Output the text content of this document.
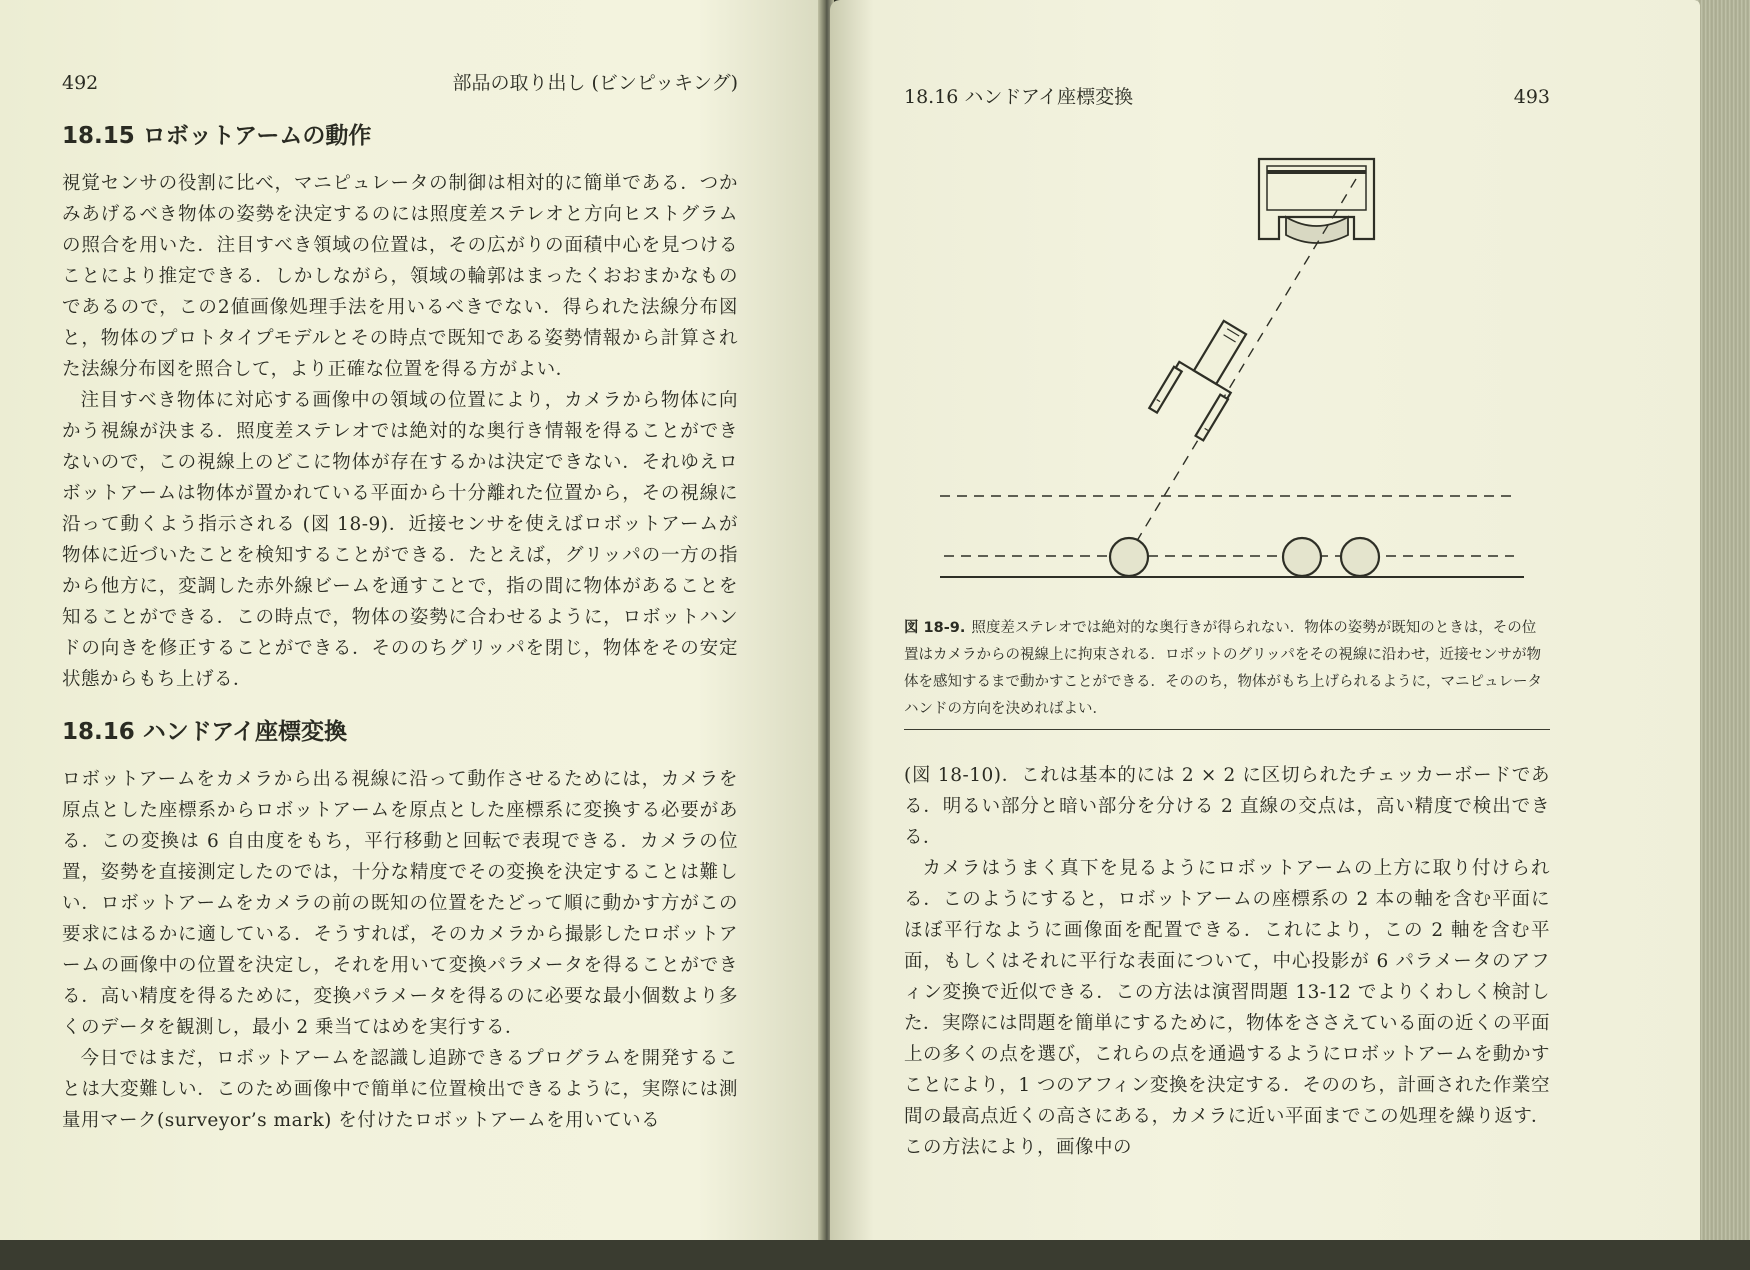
492	部品の取り出し (ビンピッキング)
18.15 ロボットアームの動作

視覚センサの役割に比べ，マニピュレータの制御は相対的に簡単である．つかみあげるべき物体の姿勢を決定するのには照度差ステレオと方向ヒストグラムの照合を用いた．注目すべき領域の位置は，その広がりの面積中心を見つけることにより推定できる．しかしながら，領域の輪郭はまったくおおまかなものであるので，この2値画像処理手法を用いるべきでない．得られた法線分布図と，物体のプロトタイプモデルとその時点で既知である姿勢情報から計算された法線分布図を照合して，より正確な位置を得る方がよい．

注目すべき物体に対応する画像中の領域の位置により，カメラから物体に向かう視線が決まる．照度差ステレオでは絶対的な奥行き情報を得ることができないので，この視線上のどこに物体が存在するかは決定できない．それゆえロボットアームは物体が置かれている平面から十分離れた位置から，その視線に沿って動くよう指示される (図 18-9)．近接センサを使えばロボットアームが物体に近づいたことを検知することができる．たとえば，グリッパの一方の指から他方に，変調した赤外線ビームを通すことで，指の間に物体があることを知ることができる．この時点で，物体の姿勢に合わせるように，ロボットハンドの向きを修正することができる．そののちグリッパを閉じ，物体をその安定状態からもち上げる．

18.16 ハンドアイ座標変換

ロボットアームをカメラから出る視線に沿って動作させるためには，カメラを原点とした座標系からロボットアームを原点とした座標系に変換する必要がある．この変換は 6 自由度をもち，平行移動と回転で表現できる．カメラの位置，姿勢を直接測定したのでは，十分な精度でその変換を決定することは難しい．ロボットアームをカメラの前の既知の位置をたどって順に動かす方がこの要求にはるかに適している．そうすれば，そのカメラから撮影したロボットアームの画像中の位置を決定し，それを用いて変換パラメータを得ることができる．高い精度を得るために，変換パラメータを得るのに必要な最小個数より多くのデータを観測し，最小 2 乗当てはめを実行する．

今日ではまだ，ロボットアームを認識し追跡できるプログラムを開発することは大変難しい．このため画像中で簡単に位置検出できるように，実際には測量用マーク(surveyor’s mark) を付けたロボットアームを用いている

18.16 ハンドアイ座標変換	493

図 18-9. 照度差ステレオでは絶対的な奥行きが得られない．物体の姿勢が既知のときは，その位置はカメラからの視線上に拘束される．ロボットのグリッパをその視線に沿わせ，近接センサが物体を感知するまで動かすことができる．そののち，物体がもち上げられるように，マニピュレータハンドの方向を決めればよい．

(図 18-10)．これは基本的には 2 × 2 に区切られたチェッカーボードである．明るい部分と暗い部分を分ける 2 直線の交点は，高い精度で検出できる．

カメラはうまく真下を見るようにロボットアームの上方に取り付けられる．このようにすると，ロボットアームの座標系の 2 本の軸を含む平面にほぼ平行なように画像面を配置できる．これにより，この 2 軸を含む平面，もしくはそれに平行な表面について，中心投影が 6 パラメータのアフィン変換で近似できる．この方法は演習問題 13-12 でよりくわしく検討した．実際には問題を簡単にするために，物体をささえている面の近くの平面上の多くの点を選び，これらの点を通過するようにロボットアームを動かすことにより，1 つのアフィン変換を決定する．そののち，計画された作業空間の最高点近くの高さにある，カメラに近い平面までこの処理を繰り返す．この方法により，画像中の
